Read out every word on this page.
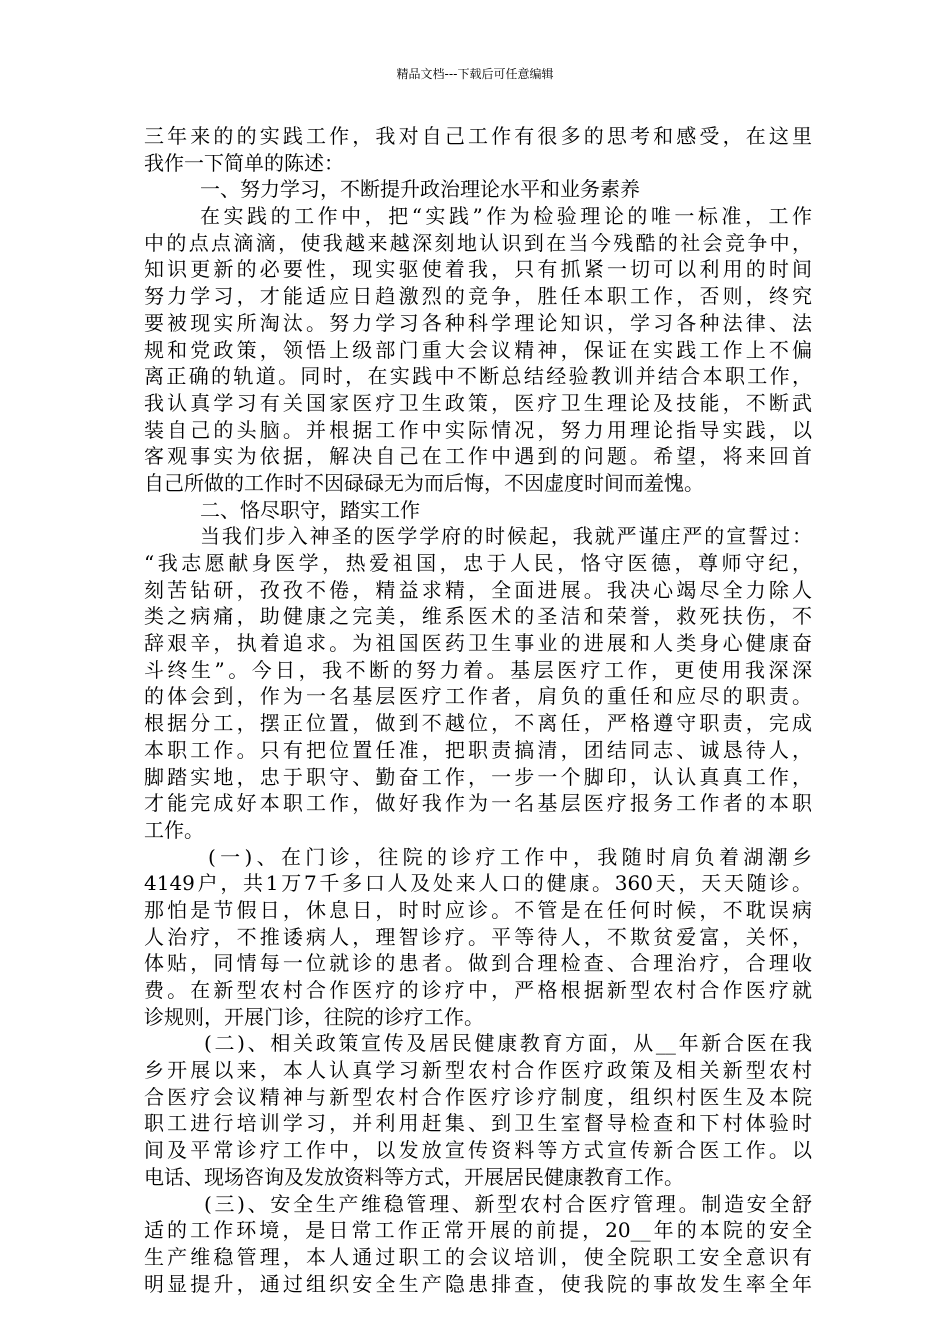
精品文档---下载后可任意编辑
三年来的的实践工作，我对自己工作有很多的思考和感受，在这里
我作一下简单的陈述：
一、努力学习，不断提升政治理论水平和业务素养
在实践的工作中，把“实践”作为检验理论的唯一标准，工作
中的点点滴滴，使我越来越深刻地认识到在当今残酷的社会竞争中，
知识更新的必要性，现实驱使着我，只有抓紧一切可以利用的时间
努力学习，才能适应日趋激烈的竞争，胜任本职工作，否则，终究
要被现实所淘汰。努力学习各种科学理论知识，学习各种法律、法
规和党政策，领悟上级部门重大会议精神，保证在实践工作上不偏
离正确的轨道。同时，在实践中不断总结经验教训并结合本职工作，
我认真学习有关国家医疗卫生政策，医疗卫生理论及技能，不断武
装自己的头脑。并根据工作中实际情况，努力用理论指导实践，以
客观事实为依据，解决自己在工作中遇到的问题。希望，将来回首
自己所做的工作时不因碌碌无为而后悔，不因虚度时间而羞愧。
二、恪尽职守，踏实工作
当我们步入神圣的医学学府的时候起，我就严谨庄严的宣誓过：
“我志愿献身医学，热爱祖国，忠于人民，恪守医德，尊师守纪，
刻苦钻研，孜孜不倦，精益求精，全面进展。我决心竭尽全力除人
类之病痛，助健康之完美，维系医术的圣洁和荣誉，救死扶伤，不
辞艰辛，执着追求。为祖国医药卫生事业的进展和人类身心健康奋
斗终生”。今日，我不断的努力着。基层医疗工作，更使用我深深
的体会到，作为一名基层医疗工作者，肩负的重任和应尽的职责。
根据分工，摆正位置，做到不越位，不离任，严格遵守职责，完成
本职工作。只有把位置任准，把职责搞清，团结同志、诚恳待人，
脚踏实地，忠于职守、勤奋工作，一步一个脚印，认认真真工作，
才能完成好本职工作，做好我作为一名基层医疗报务工作者的本职
工作。
(一)、在门诊，往院的诊疗工作中，我随时肩负着湖潮乡
4149户，共1万7千多口人及处来人口的健康。360天，天天随诊。
那怕是节假日，休息日，时时应诊。不管是在任何时候，不耽误病
人治疗，不推诿病人，理智诊疗。平等待人，不欺贫爱富，关怀，
体贴，同情每一位就诊的患者。做到合理检查、合理治疗，合理收
费。在新型农村合作医疗的诊疗中，严格根据新型农村合作医疗就
诊规则，开展门诊，往院的诊疗工作。
(二)、相关政策宣传及居民健康教育方面，从__年新合医在我
乡开展以来，本人认真学习新型农村合作医疗政策及相关新型农村
合医疗会议精神与新型农村合作医疗诊疗制度，组织村医生及本院
职工进行培训学习，并利用赶集、到卫生室督导检查和下村体验时
间及平常诊疗工作中，以发放宣传资料等方式宣传新合医工作。以
电话、现场咨询及发放资料等方式，开展居民健康教育工作。
(三)、安全生产维稳管理、新型农村合医疗管理。制造安全舒
适的工作环境，是日常工作正常开展的前提，20__年的本院的安全
生产维稳管理，本人通过职工的会议培训，使全院职工安全意识有
明显提升，通过组织安全生产隐患排查，使我院的事故发生率全年
